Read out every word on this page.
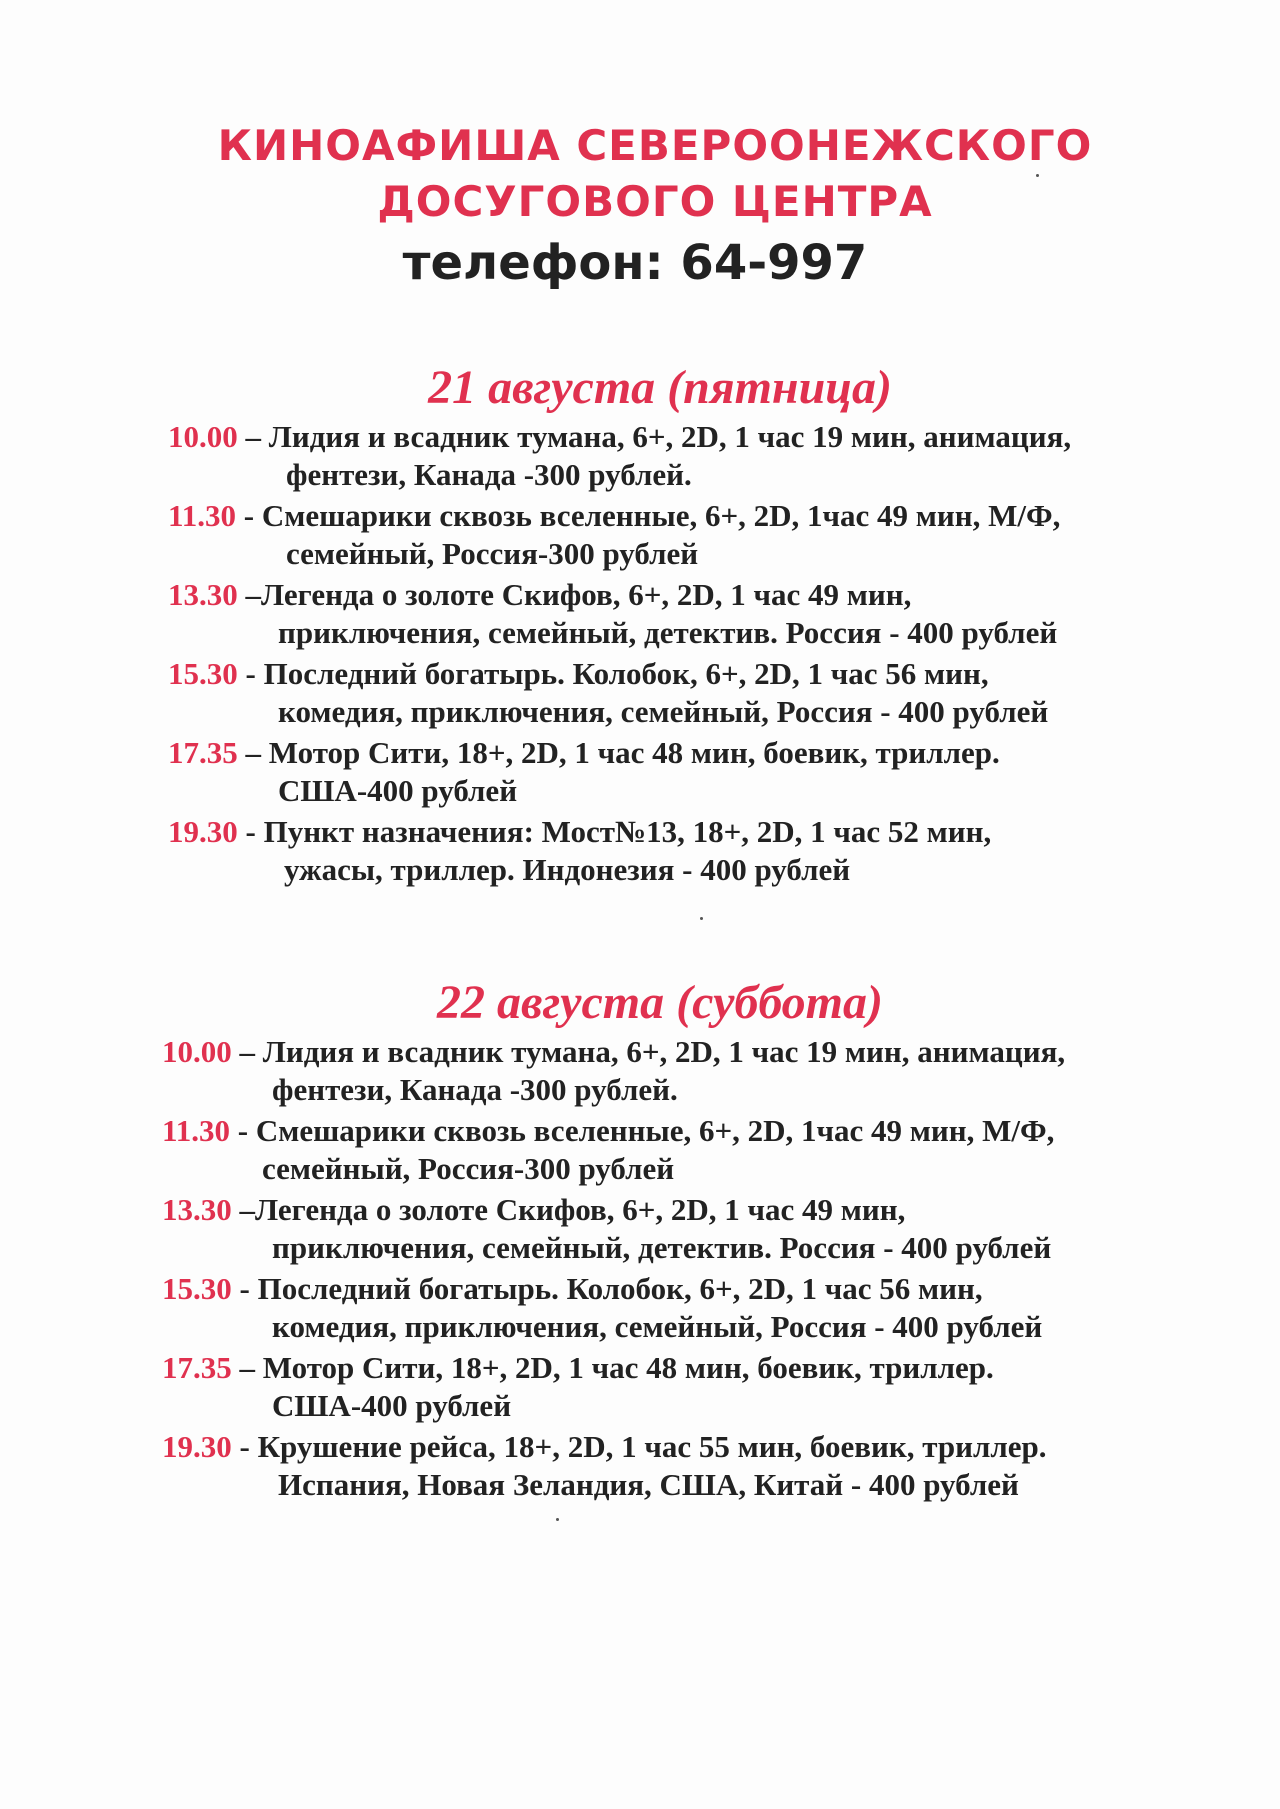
КИНОАФИША СЕВЕРООНЕЖСКОГО
ДОСУГОВОГО ЦЕНТРА
телефон: 64-997
21 августа (пятница)
10.00 – Лидия и всадник тумана, 6+, 2D, 1 час 19 мин, анимация,
фентези, Канада -300 рублей.
11.30 - Смешарики сквозь вселенные, 6+, 2D, 1час 49 мин, М/Ф,
семейный, Россия-300 рублей
13.30 –Легенда о золоте Скифов, 6+, 2D, 1 час 49 мин,
приключения, семейный, детектив. Россия - 400 рублей
15.30 - Последний богатырь. Колобок, 6+, 2D, 1 час 56 мин,
комедия, приключения, семейный, Россия - 400 рублей
17.35 – Мотор Сити, 18+, 2D, 1 час 48 мин, боевик, триллер.
США-400 рублей
19.30 - Пункт назначения: Мост№13, 18+, 2D, 1 час 52 мин,
ужасы, триллер. Индонезия - 400 рублей
22 августа (суббота)
10.00 – Лидия и всадник тумана, 6+, 2D, 1 час 19 мин, анимация,
фентези, Канада -300 рублей.
11.30 - Смешарики сквозь вселенные, 6+, 2D, 1час 49 мин, М/Ф,
семейный, Россия-300 рублей
13.30 –Легенда о золоте Скифов, 6+, 2D, 1 час 49 мин,
приключения, семейный, детектив. Россия - 400 рублей
15.30 - Последний богатырь. Колобок, 6+, 2D, 1 час 56 мин,
комедия, приключения, семейный, Россия - 400 рублей
17.35 – Мотор Сити, 18+, 2D, 1 час 48 мин, боевик, триллер.
США-400 рублей
19.30 - Крушение рейса, 18+, 2D, 1 час 55 мин, боевик, триллер.
Испания, Новая Зеландия, США, Китай - 400 рублей
